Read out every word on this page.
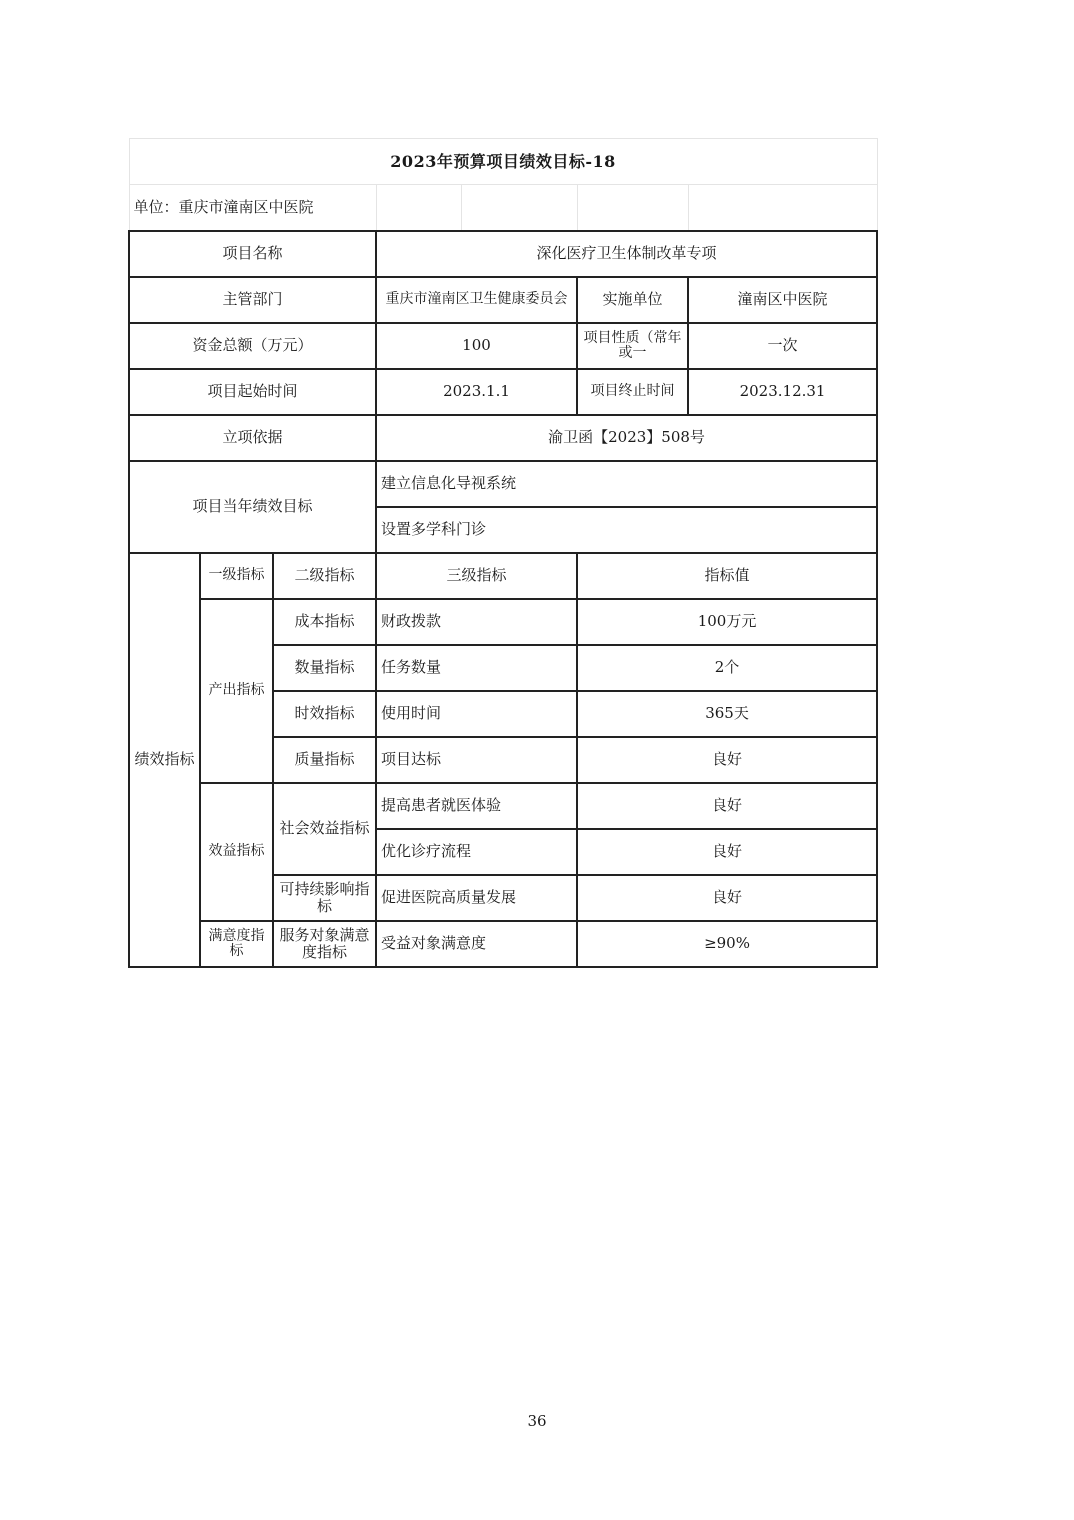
2023年预算项目绩效目标-18						
单位：重庆市潼南区中医院						
项目名称			深化医疗卫生体制改革专项			
主管部门			重庆市潼南区卫生健康委员会		实施单位	潼南区中医院
资金总额（万元）			100		项目性质（常年或一	一次
项目起始时间			2023.1.1		项目终止时间	2023.12.31
立项依据			渝卫函【2023】508号			
项目当年绩效目标			建立信息化导视系统			
			设置多学科门诊			
绩效指标	一级指标	二级指标	三级指标		指标值	
	产出指标	成本指标	财政拨款		100万元	
		数量指标	任务数量		2个	
		时效指标	使用时间		365天	
		质量指标	项目达标		良好	
	效益指标	社会效益指标	提高患者就医体验		良好	
			优化诊疗流程		良好	
		可持续影响指标	促进医院高质量发展		良好	
	满意度指标	服务对象满意度指标	受益对象满意度		≥90%	
36
